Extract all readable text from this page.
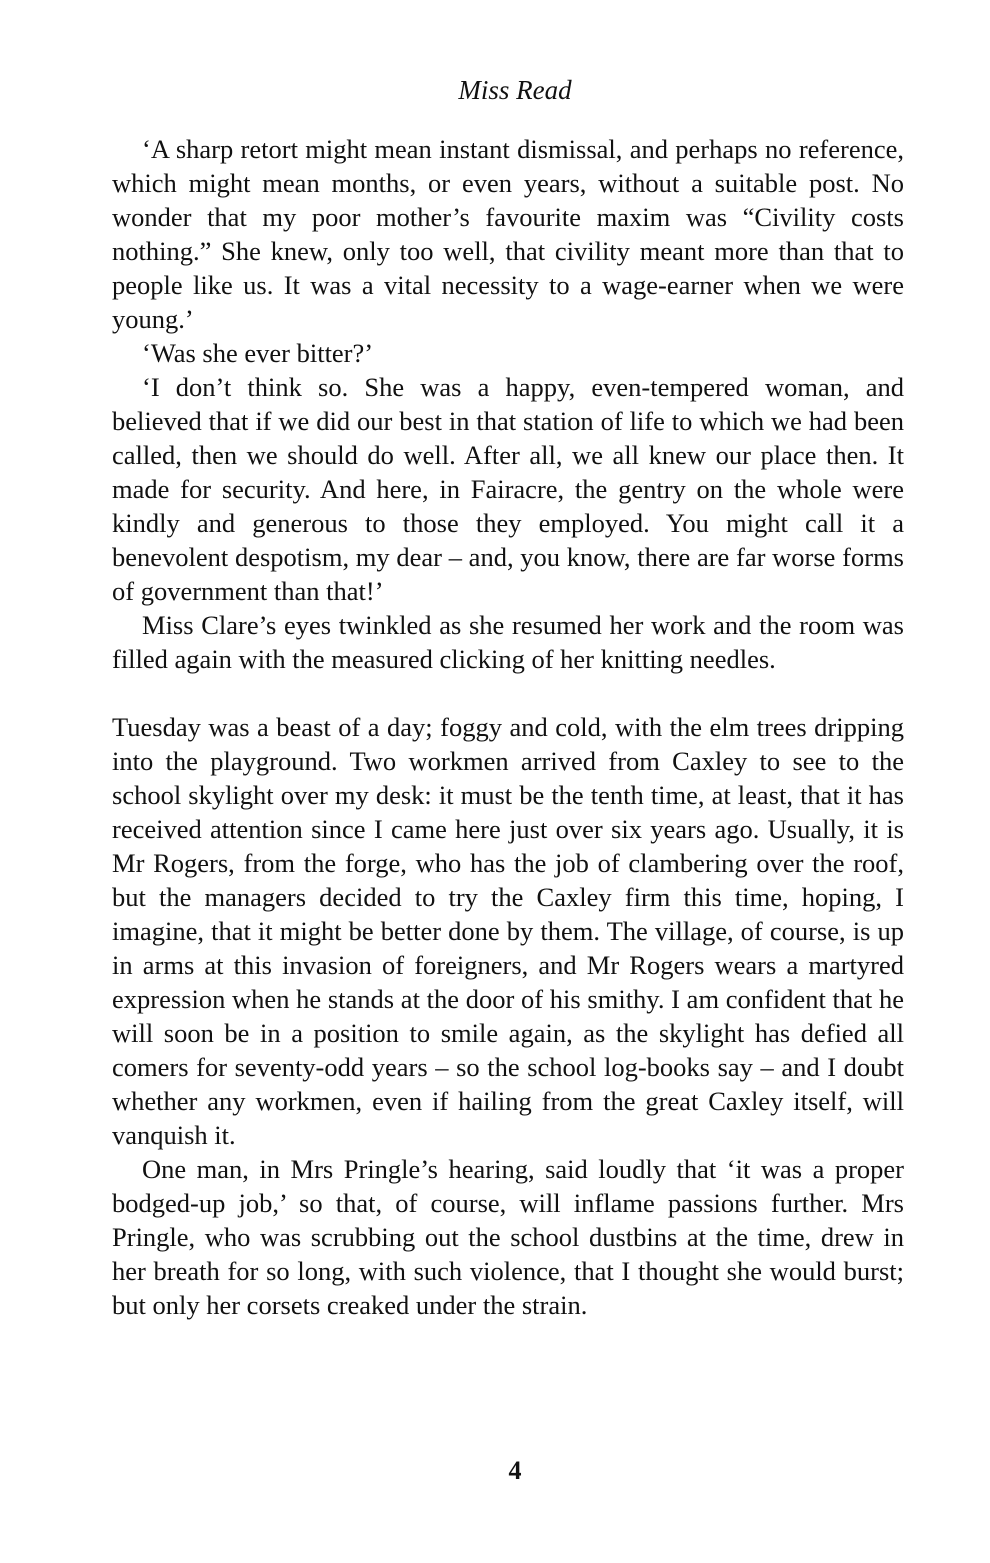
Miss Read

‘A sharp retort might mean instant dismissal, and perhaps no reference, which might mean months, or even years, without a suitable post. No wonder that my poor mother’s favourite maxim was “Civility costs nothing.” She knew, only too well, that civility meant more than that to people like us. It was a vital necessity to a wage-earner when we were young.’

‘Was she ever bitter?’

‘I don’t think so. She was a happy, even-tempered woman, and believed that if we did our best in that station of life to which we had been called, then we should do well. After all, we all knew our place then. It made for security. And here, in Fairacre, the gentry on the whole were kindly and generous to those they employed. You might call it a benevolent despotism, my dear – and, you know, there are far worse forms of government than that!’

Miss Clare’s eyes twinkled as she resumed her work and the room was filled again with the measured clicking of her knitting needles.

Tuesday was a beast of a day; foggy and cold, with the elm trees dripping into the playground. Two workmen arrived from Caxley to see to the school skylight over my desk: it must be the tenth time, at least, that it has received attention since I came here just over six years ago. Usually, it is Mr Rogers, from the forge, who has the job of clambering over the roof, but the managers decided to try the Caxley firm this time, hoping, I imagine, that it might be better done by them. The village, of course, is up in arms at this invasion of foreigners, and Mr Rogers wears a martyred expression when he stands at the door of his smithy. I am confident that he will soon be in a position to smile again, as the skylight has defied all comers for seventy-odd years – so the school log-books say – and I doubt whether any workmen, even if hailing from the great Caxley itself, will vanquish it.

One man, in Mrs Pringle’s hearing, said loudly that ‘it was a proper bodged-up job,’ so that, of course, will inflame passions further. Mrs Pringle, who was scrubbing out the school dustbins at the time, drew in her breath for so long, with such violence, that I thought she would burst; but only her corsets creaked under the strain.

4
